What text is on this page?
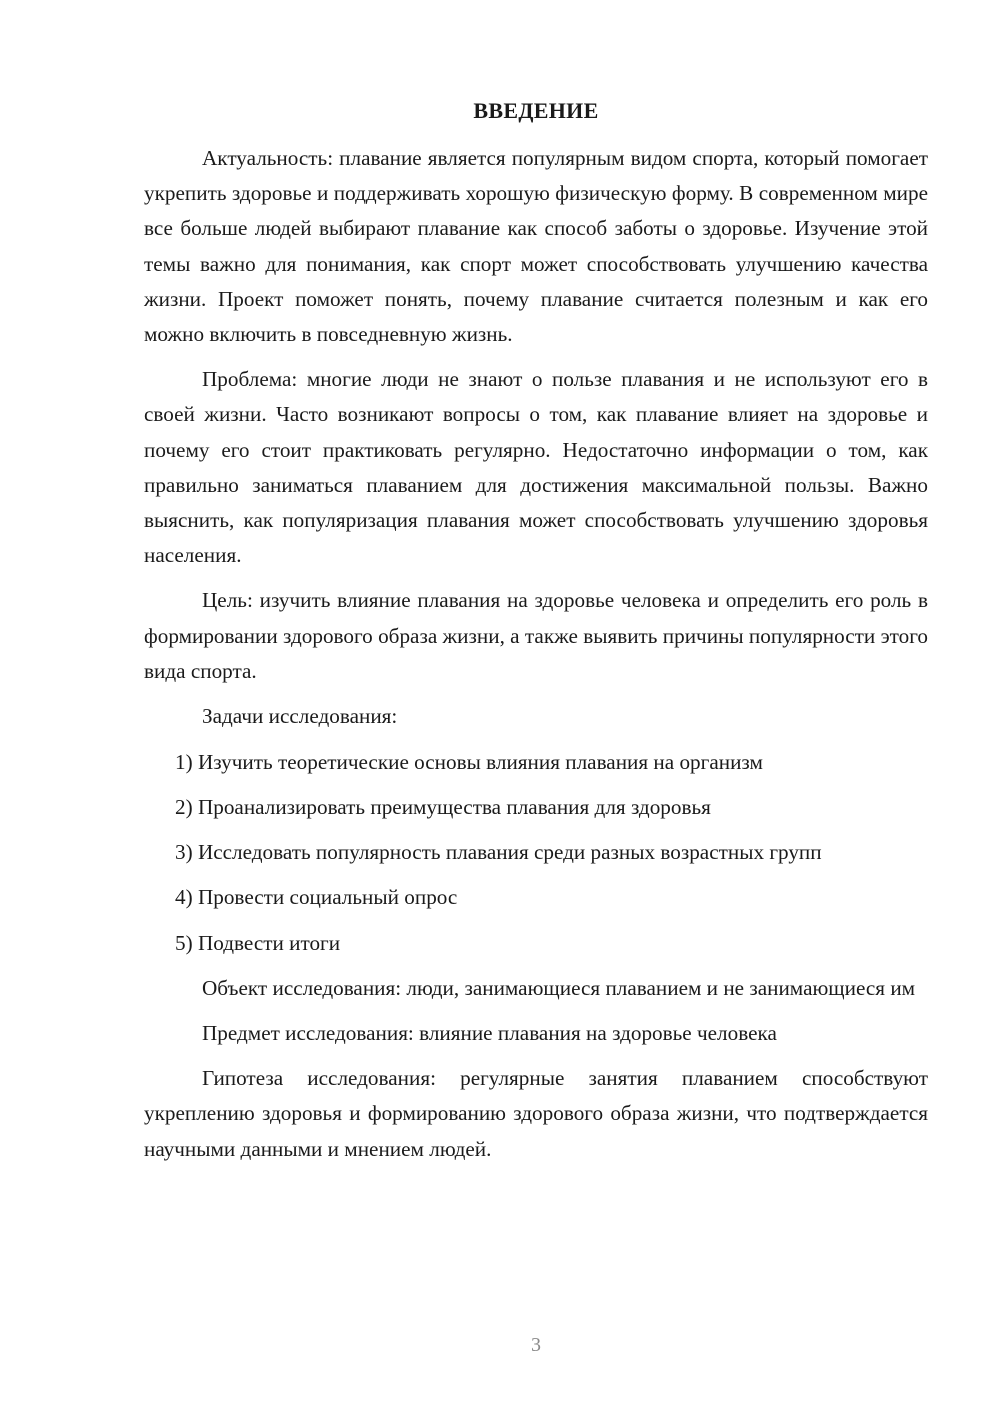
ВВЕДЕНИЕ

Актуальность: плавание является популярным видом спорта, который помогает укрепить здоровье и поддерживать хорошую физическую форму. В современном мире все больше людей выбирают плавание как способ заботы о здоровье. Изучение этой темы важно для понимания, как спорт может способствовать улучшению качества жизни. Проект поможет понять, почему плавание считается полезным и как его можно включить в повседневную жизнь.

Проблема: многие люди не знают о пользе плавания и не используют его в своей жизни. Часто возникают вопросы о том, как плавание влияет на здоровье и почему его стоит практиковать регулярно. Недостаточно информации о том, как правильно заниматься плаванием для достижения максимальной пользы. Важно выяснить, как популяризация плавания может способствовать улучшению здоровья населения.

Цель: изучить влияние плавания на здоровье человека и определить его роль в формировании здорового образа жизни, а также выявить причины популярности этого вида спорта.

Задачи исследования:

1) Изучить теоретические основы влияния плавания на организм

2) Проанализировать преимущества плавания для здоровья

3) Исследовать популярность плавания среди разных возрастных групп

4) Провести социальный опрос

5) Подвести итоги

Объект исследования: люди, занимающиеся плаванием и не занимающиеся им

Предмет исследования: влияние плавания на здоровье человека

Гипотеза исследования: регулярные занятия плаванием способствуют укреплению здоровья и формированию здорового образа жизни, что подтверждается научными данными и мнением людей.

3
